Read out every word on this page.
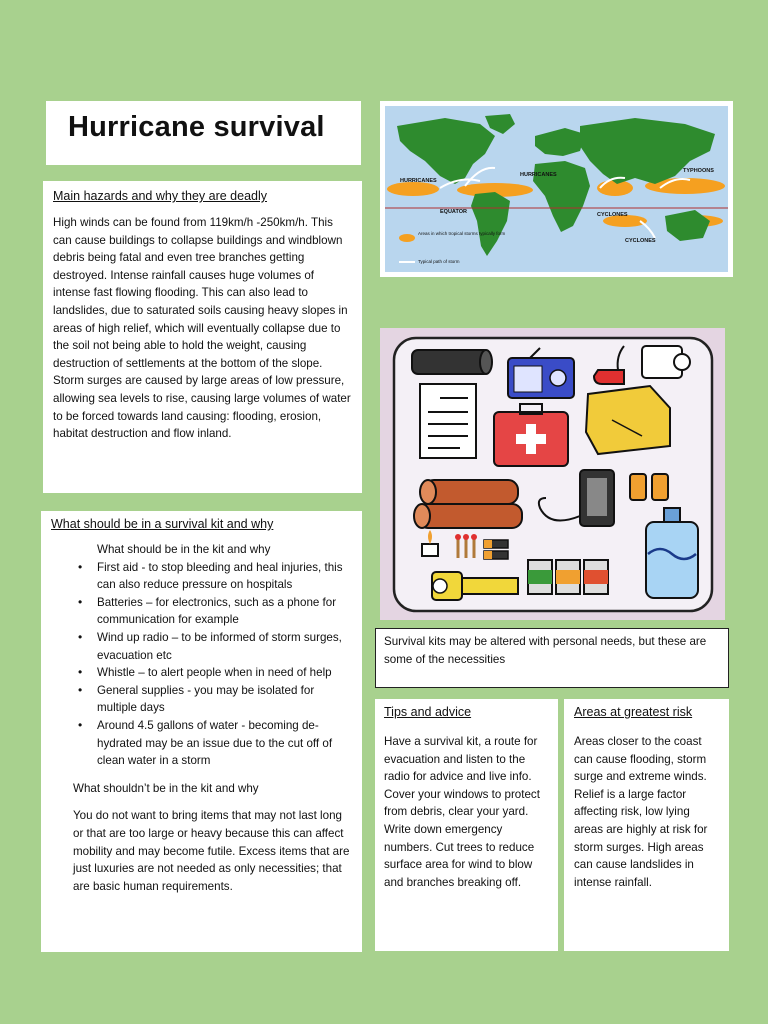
Hurricane survival

Main hazards and why they are deadly

High winds can be found from 119km/h -250km/h. This can cause buildings to collapse buildings and windblown debris being fatal and even tree branches getting destroyed. Intense rainfall causes huge volumes of intense fast flowing flooding. This can also lead to landslides, due to saturated soils causing heavy slopes in areas of high relief, which will eventually collapse due to the soil not being able to hold the weight, causing destruction of settlements at the bottom of the slope. Storm surges are caused by large areas of low pressure, allowing sea levels to rise, causing large volumes of water to be forced towards land causing: flooding, erosion, habitat destruction and flow inland.

What should be in a survival kit and why

What should be in the kit and why

• First aid - to stop bleeding and heal injuries, this can also reduce pressure on hospitals
• Batteries – for electronics, such as a phone for communication for example
• Wind up radio – to be informed of storm surges, evacuation etc
• Whistle – to alert people when in need of help
• General supplies - you may be isolated for multiple days
• Around 4.5 gallons of water - becoming de-hydrated may be an issue due to the cut off of clean water in a storm

What shouldn’t be in the kit and why

You do not want to bring items that may not last long or that are too large or heavy because this can affect mobility and may become futile. Excess items that are just luxuries are not needed as only necessities; that are basic human requirements.

HURRICANES
HURRICANES
TYPHOONS
EQUATOR	CYCLONES
CYCLONES
Areas in which tropical storms typically form
Typical path of storm

Survival kits may be altered with personal needs, but these are some of the necessities

Tips and advice

Have a survival kit, a route for evacuation and listen to the radio for advice and live info. Cover your windows to protect from debris, clear your yard. Write down emergency numbers. Cut trees to reduce surface area for wind to blow and branches breaking off.

Areas at greatest risk

Areas closer to the coast can cause flooding, storm surge and extreme winds. Relief is a large factor affecting risk, low lying areas are highly at risk for storm surges. High areas can cause landslides in intense rainfall.
